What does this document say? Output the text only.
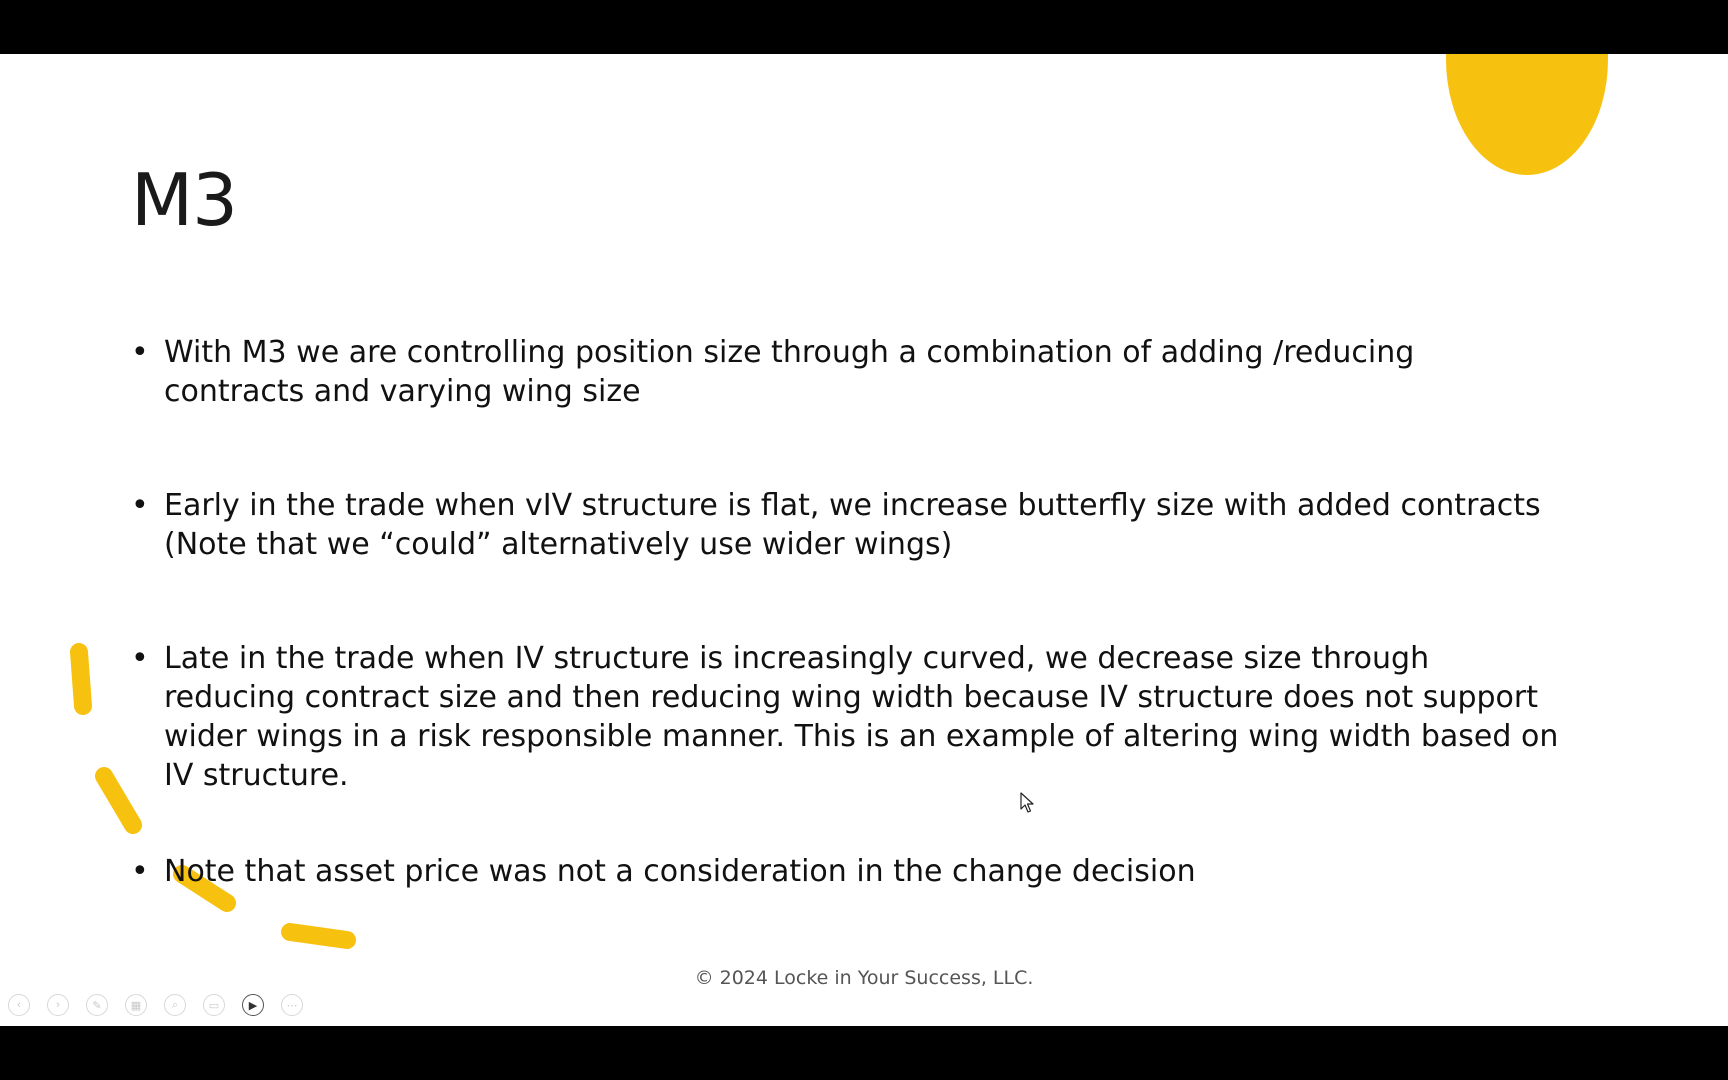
M3
• With M3 we are controlling position size through a combination of adding /reducing contracts and varying wing size
• Early in the trade when vIV structure is flat, we increase butterfly size with added contracts (Note that we “could” alternatively use wider wings)
• Late in the trade when IV structure is increasingly curved, we decrease size through reducing contract size and then reducing wing width because IV structure does not support wider wings in a risk responsible manner. This is an example of altering wing width based on IV structure.
• Note that asset price was not a consideration in the change decision
© 2024 Locke in Your Success, LLC.
‹	›	✎	▦	⌕	▭	▶	⋯
